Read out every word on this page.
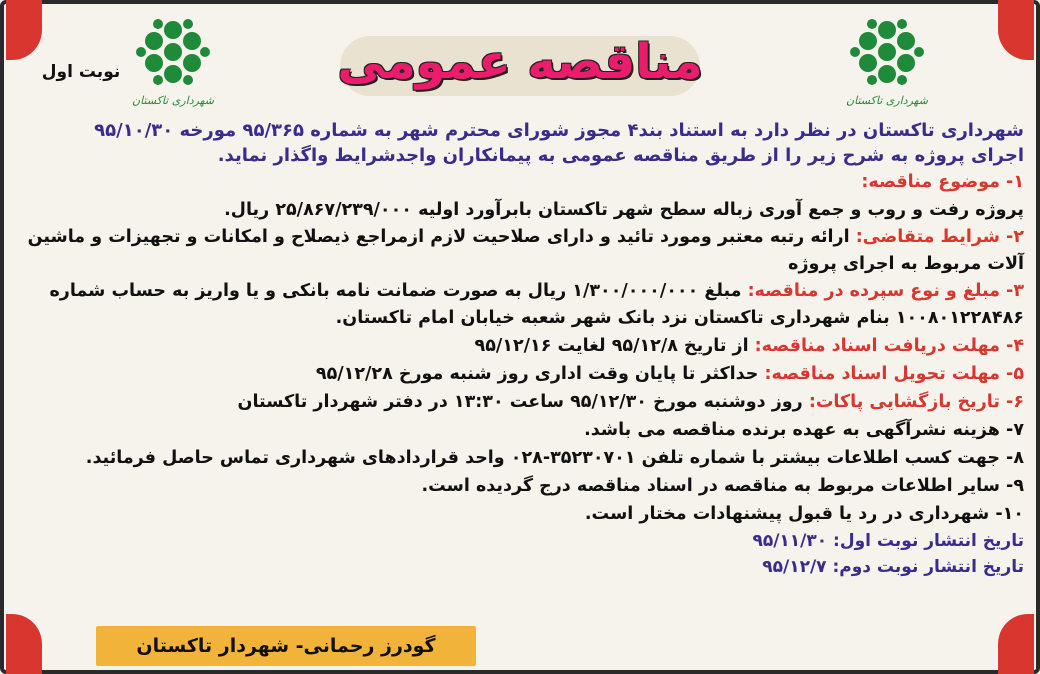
شهرداری تاکستان	شهرداری تاکستان
نوبت اول	مناقصه عمومی

شهرداری تاکستان در نظر دارد به استناد بند۴ مجوز شورای محترم شهر به شماره ۹۵/۳۶۵ مورخه ۹۵/۱۰/۳۰

اجرای پروژه به شرح زیر را از طریق مناقصه عمومی به پیمانکاران واجدشرایط واگذار نماید.

۱- موضوع مناقصه:

پروژه رفت و روب و جمع آوری زباله سطح شهر تاکستان بابرآورد اولیه ۲۵/۸۶۷/۲۳۹/۰۰۰ ریال.

۲- شرایط متقاضی: ارائه رتبه معتبر ومورد تائید و دارای صلاحیت لازم ازمراجع ذیصلاح و امکانات و تجهیزات و ماشین آلات مربوط به اجرای پروژه

۳- مبلغ و نوع سپرده در مناقصه: مبلغ ۱/۳۰۰/۰۰۰/۰۰۰ ریال به صورت ضمانت نامه بانکی و یا واریز به حساب شماره ۱۰۰۸۰۱۲۲۸۴۸۶ بنام شهرداری تاکستان نزد بانک شهر شعبه خیابان امام تاکستان.

۴- مهلت دریافت اسناد مناقصه: از تاریخ ۹۵/۱۲/۸ لغایت ۹۵/۱۲/۱۶

۵- مهلت تحویل اسناد مناقصه: حداکثر تا پایان وقت اداری روز شنبه مورخ ۹۵/۱۲/۲۸

۶- تاریخ بازگشایی پاکات: روز دوشنبه مورخ ۹۵/۱۲/۳۰ ساعت ۱۳:۳۰ در دفتر شهردار تاکستان

۷- هزینه نشرآگهی به عهده برنده مناقصه می باشد.

۸- جهت کسب اطلاعات بیشتر با شماره تلفن ۳۵۲۳۰۷۰۱-۰۲۸ واحد قراردادهای شهرداری تماس حاصل فرمائید.

۹- سایر اطلاعات مربوط به مناقصه در اسناد مناقصه درج گردیده است.

۱۰- شهرداری در رد یا قبول پیشنهادات مختار است.

تاریخ انتشار نوبت اول: ۹۵/۱۱/۳۰

تاریخ انتشار نوبت دوم: ۹۵/۱۲/۷

گودرز رحمانی- شهردار تاکستان
